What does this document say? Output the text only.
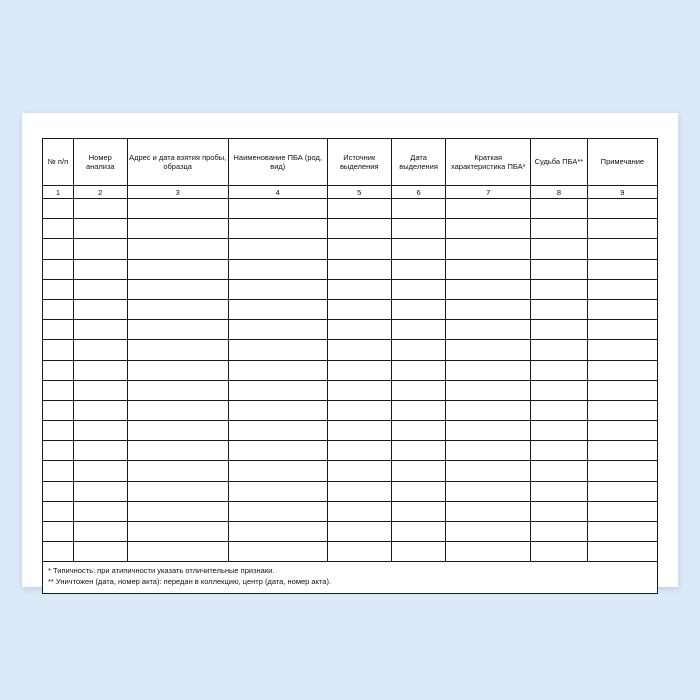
№ п/п	Номер анализа	Адрес и дата взятия пробы, образца	Наименование ПБА (род, вид)	Источник выделения	Дата выделения	Краткая характеристика ПБА*	Судьба ПБА**	Примечание
1	2	3	4	5	6	7	8	9

* Типичность: при атипичности указать отличительные признаки.
** Уничтожен (дата, номер акта): передан в коллекцию, центр (дата, номер акта).
